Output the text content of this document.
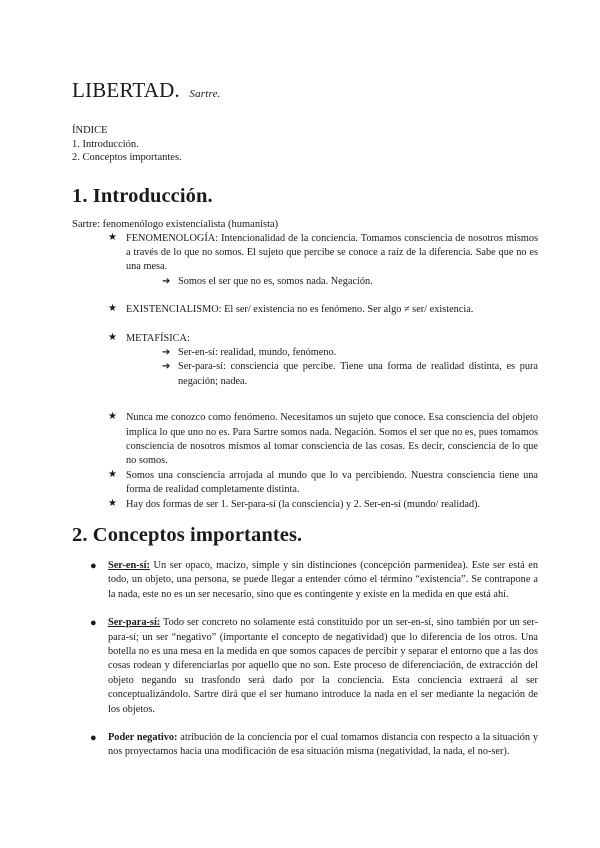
LIBERTAD. Sartre.
ÍNDICE
1. Introducción.
2. Conceptos importantes.
1. Introducción.

Sartre: fenomenólogo existencialista (humanista)

★ FENOMENOLOGÍA: Intencionalidad de la conciencia. Tomamos consciencia de nosotros mismos a través de lo que no somos. El sujeto que percibe se conoce a raíz de la diferencia. Sabe que no es una mesa.
➔ Somos el ser que no es, somos nada. Negación.
★ EXISTENCIALISMO: El ser/ existencia no es fenómeno. Ser algo ≠ ser/ existencia.
★ METAFÍSICA:
➔ Ser-en-sí: realidad, mundo, fenómeno.
➔ Ser-para-sí: consciencia que percibe. Tiene una forma de realidad distinta, es pura negación; nadea.
★ Nunca me conozco como fenómeno. Necesitamos un sujeto que conoce. Esa consciencia del objeto implica lo que uno no es. Para Sartre somos nada. Negación. Somos el ser que no es, pues tomamos consciencia de nosotros mismos al tomar consciencia de las cosas. Es decir, consciencia de lo que no somos.
★ Somos una consciencia arrojada al mundo que lo va percibiendo. Nuestra consciencia tiene una forma de realidad completamente distinta.
★ Hay dos formas de ser 1. Ser-para-sí (la consciencia) y 2. Ser-en-sí (mundo/ realidad).
2. Conceptos importantes.
● Ser-en-sí: Un ser opaco, macizo, simple y sin distinciones (concepción parmenidea). Este ser está en todo, un objeto, una persona, se puede llegar a entender cómo el término “existencia”. Se contrapone a la nada, este no es un ser necesario, sino que es contingente y existe en la medida en que está ahí.
● Ser-para-sí: Todo ser concreto no solamente está constituido por un ser-en-sí, sino también por un ser-para-sí; un ser “negativo” (importante el concepto de negatividad) que lo diferencia de los otros. Una botella no es una mesa en la medida en que somos capaces de percibir y separar el entorno que a las dos cosas rodean y diferenciarlas por aquello que no son. Este proceso de diferenciación, de extracción del objeto negando su trasfondo será dado por la conciencia. Esta conciencia extraerá al ser conceptualizándolo. Sartre dirá que el ser humano introduce la nada en el ser mediante la negación de los objetos.
● Poder negativo: atribución de la conciencia por el cual tomamos distancia con respecto a la situación y nos proyectamos hacia una modificación de esa situación misma (negatividad, la nada, el no-ser).
